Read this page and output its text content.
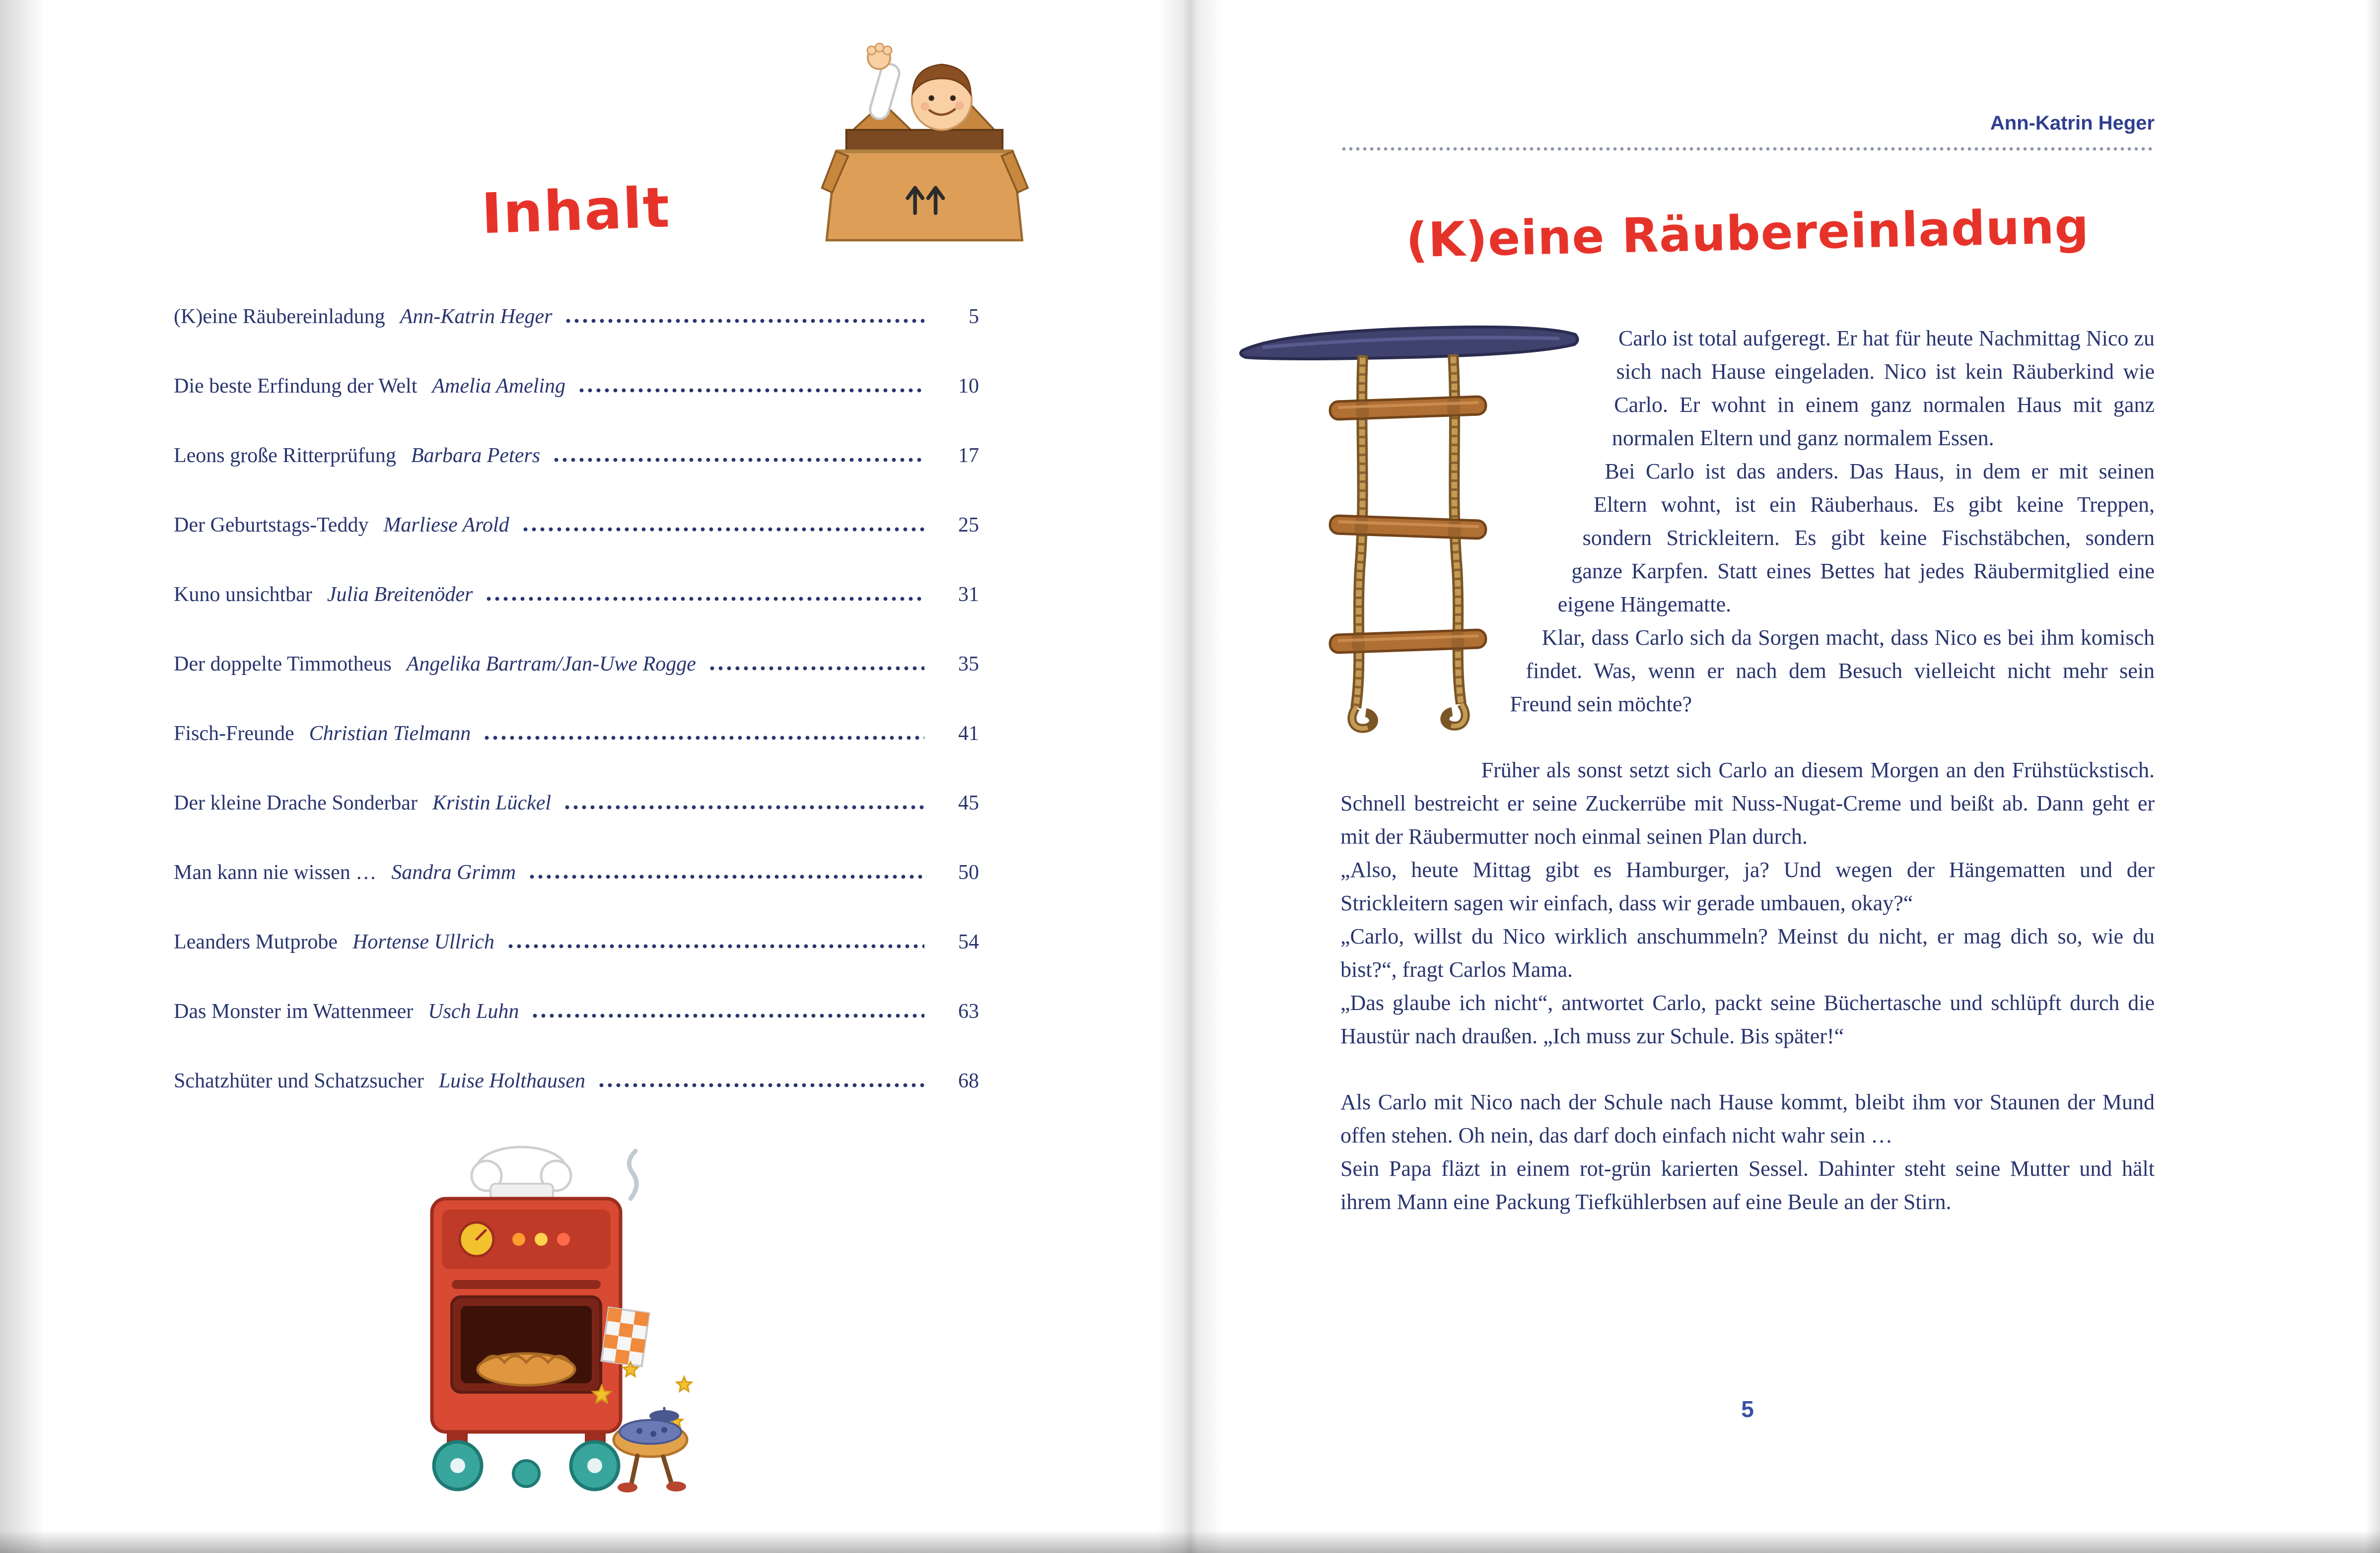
Inhalt
(K)eine Räubereinladung Ann-Katrin Heger	5
Die beste Erfindung der Welt Amelia Ameling	10
Leons große Ritterprüfung Barbara Peters	17
Der Geburtstags-Teddy Marliese Arold	25
Kuno unsichtbar Julia Breitenöder	31
Der doppelte Timmotheus Angelika Bartram/Jan-Uwe Rogge	35
Fisch-Freunde Christian Tielmann	41
Der kleine Drache Sonderbar Kristin Lückel	45
Man kann nie wissen … Sandra Grimm	50
Leanders Mutprobe Hortense Ullrich	54
Das Monster im Wattenmeer Usch Luhn	63
Schatzhüter und Schatzsucher Luise Holthausen	68
Ann-Katrin Heger
(K)eine Räubereinladung

Carlo ist total aufgeregt. Er hat für heute Nachmittag Nico zu sich nach Hause eingeladen. Nico ist kein Räuberkind wie Carlo. Er wohnt in einem ganz normalen Haus mit ganz normalen Eltern und ganz normalem Essen.

Bei Carlo ist das anders. Das Haus, in dem er mit seinen Eltern wohnt, ist ein Räuberhaus. Es gibt keine Treppen, sondern Strickleitern. Es gibt keine Fischstäbchen, sondern ganze Karpfen. Statt eines Bettes hat jedes Räubermitglied eine eigene Hängematte.

Klar, dass Carlo sich da Sorgen macht, dass Nico es bei ihm komisch findet. Was, wenn er nach dem Besuch vielleicht nicht mehr sein Freund sein möchte?

Früher als sonst setzt sich Carlo an diesem Morgen an den Frühstückstisch. Schnell bestreicht er seine Zuckerrübe mit Nuss-Nugat-Creme und beißt ab. Dann geht er mit der Räubermutter noch einmal seinen Plan durch.

„Also, heute Mittag gibt es Hamburger, ja? Und wegen der Hängematten und der Strickleitern sagen wir einfach, dass wir gerade umbauen, okay?“

„Carlo, willst du Nico wirklich anschummeln? Meinst du nicht, er mag dich so, wie du bist?“, fragt Carlos Mama.

„Das glaube ich nicht“, antwortet Carlo, packt seine Büchertasche und schlüpft durch die Haustür nach draußen. „Ich muss zur Schule. Bis später!“

Als Carlo mit Nico nach der Schule nach Hause kommt, bleibt ihm vor Staunen der Mund offen stehen. Oh nein, das darf doch einfach nicht wahr sein …

Sein Papa fläzt in einem rot-grün karierten Sessel. Dahinter steht seine Mutter und hält ihrem Mann eine Packung Tiefkühlerbsen auf eine Beule an der Stirn.

5
